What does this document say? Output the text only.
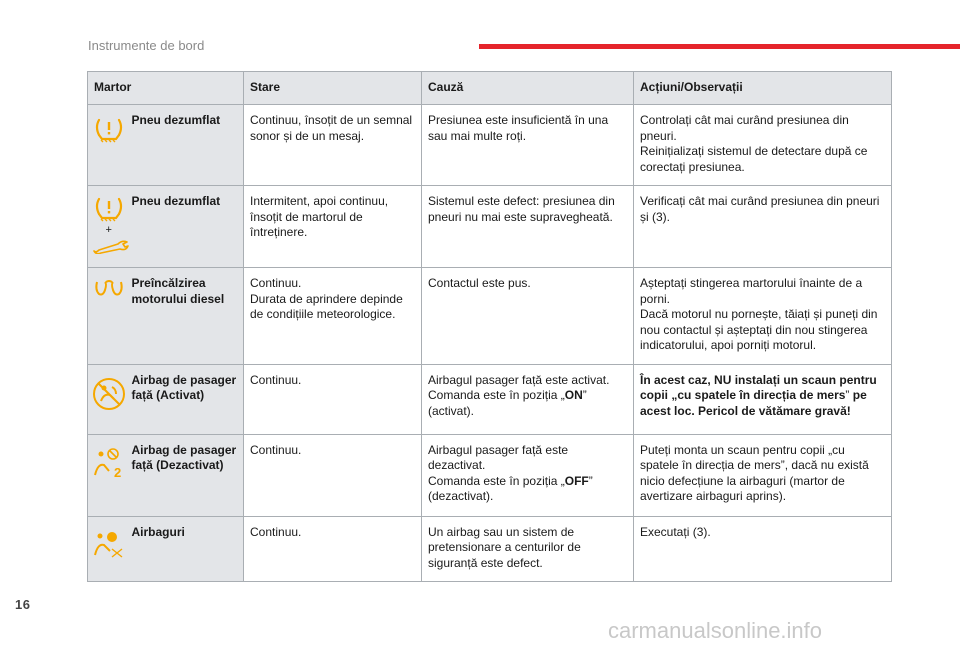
Instrumente de bord
Martor		Stare	Cauză	Acțiuni/Observații

	Pneu dezumflat	Continuu, însoțit de un semnal sonor și de un mesaj.	Presiunea este insuficientă în una sau mai multe roți.	Controlați cât mai curând presiunea din pneuri.
Reinițializați sistemul de detectare după ce corectați presiunea.

+	Pneu dezumflat	Intermitent, apoi continuu, însoțit de martorul de întreținere.	Sistemul este defect: presiunea din pneuri nu mai este supravegheată.	Verificați cât mai curând presiunea din pneuri și (3).

	Preîncălzirea motorului diesel	Continuu.
Durata de aprindere depinde de condițiile meteorologice.	Contactul este pus.	Așteptați stingerea martorului înainte de a porni.
Dacă motorul nu pornește, tăiați și puneți din nou contactul și așteptați din nou stingerea indicatorului, apoi porniți motorul.

	Airbag de pasager față (Activat)	Continuu.	Airbagul pasager față este activat.
Comanda este în poziția „ON” (activat).	În acest caz, NU instalați un scaun pentru copii „cu spatele în direcția de mers” pe acest loc. Pericol de vătămare gravă!

2	Airbag de pasager față (Dezactivat)	Continuu.	Airbagul pasager față este dezactivat.
Comanda este în poziția „OFF” (dezactivat).	Puteți monta un scaun pentru copii „cu spatele în direcția de mers”, dacă nu există nicio defecțiune la airbaguri (martor de avertizare airbaguri aprins).

	Airbaguri	Continuu.	Un airbag sau un sistem de pretensionare a centurilor de siguranță este defect.	Executați (3).
16
carmanualsonline.info
